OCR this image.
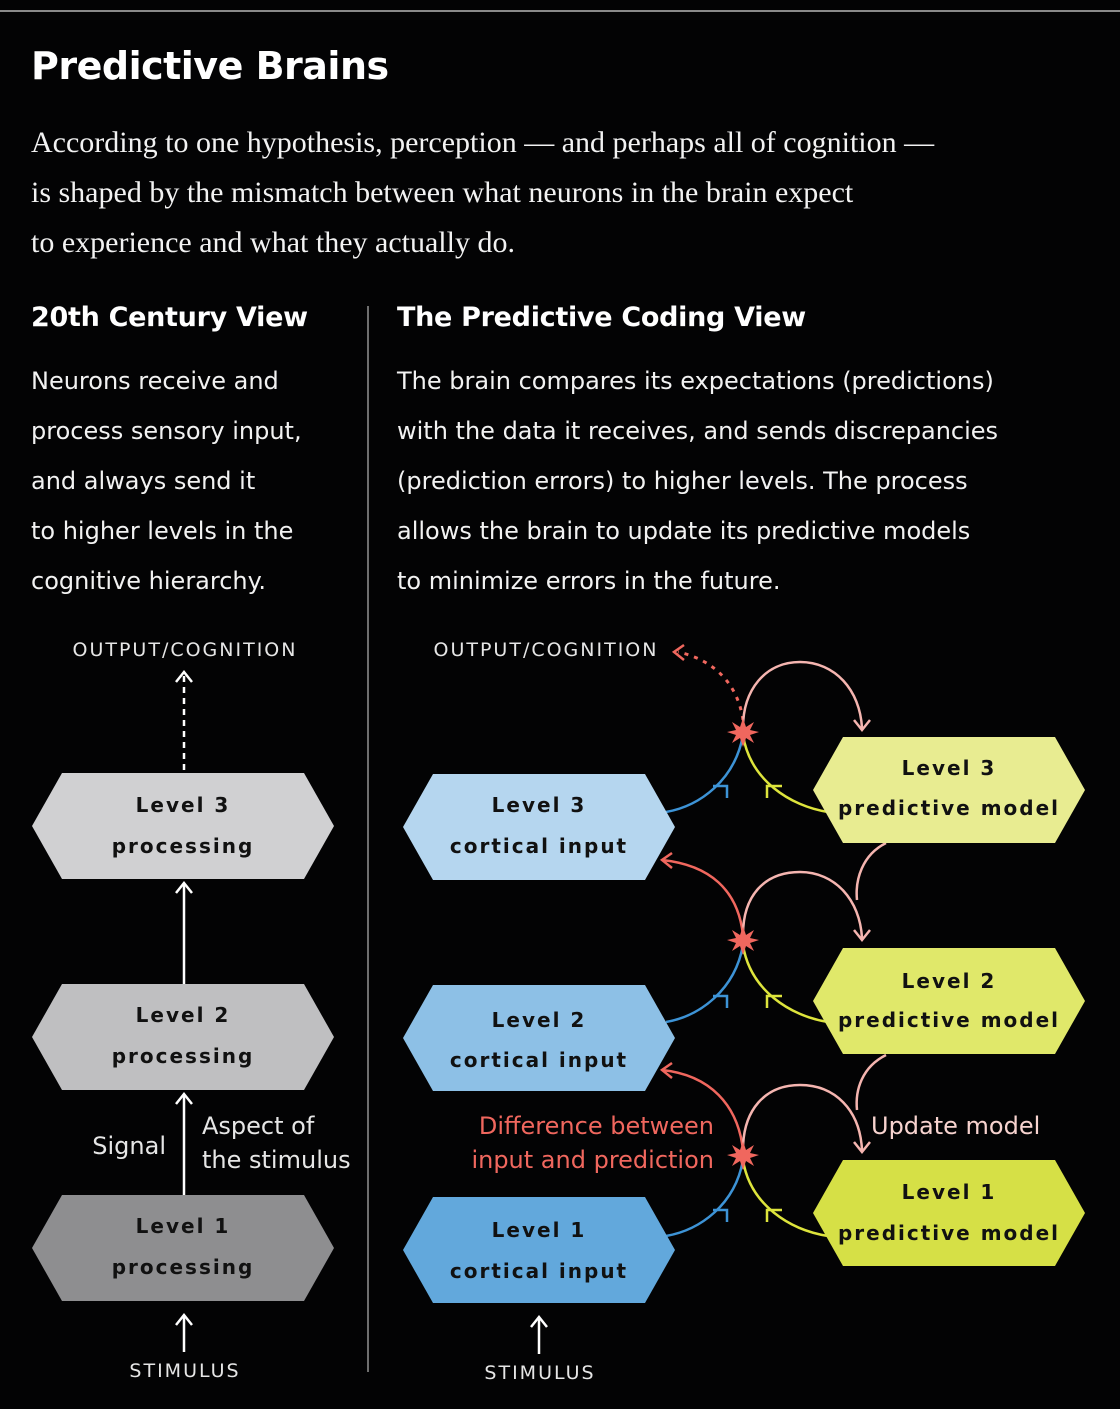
Predictive Brains

According to one hypothesis, perception — and perhaps all of cognition —
is shaped by the mismatch between what neurons in the brain expect
to experience and what they actually do.

20th Century View

Neurons receive and
process sensory input,
and always send it
to higher levels in the
cognitive hierarchy.

The Predictive Coding View

The brain compares its expectations (predictions)
with the data it receives, and sends discrepancies
(prediction errors) to higher levels. The process
allows the brain to update its predictive models
to minimize errors in the future.

OUTPUT/COGNITION
Level 3
processing
Level 2
processing
Signal
Aspect of
the stimulus
Level 1
processing
STIMULUS
OUTPUT/COGNITION
Level 3
cortical input
Level 2
cortical input
Level 1
cortical input
Level 3
predictive model
Level 2
predictive model
Level 1
predictive model
Difference between
input and prediction
Update model
STIMULUS
